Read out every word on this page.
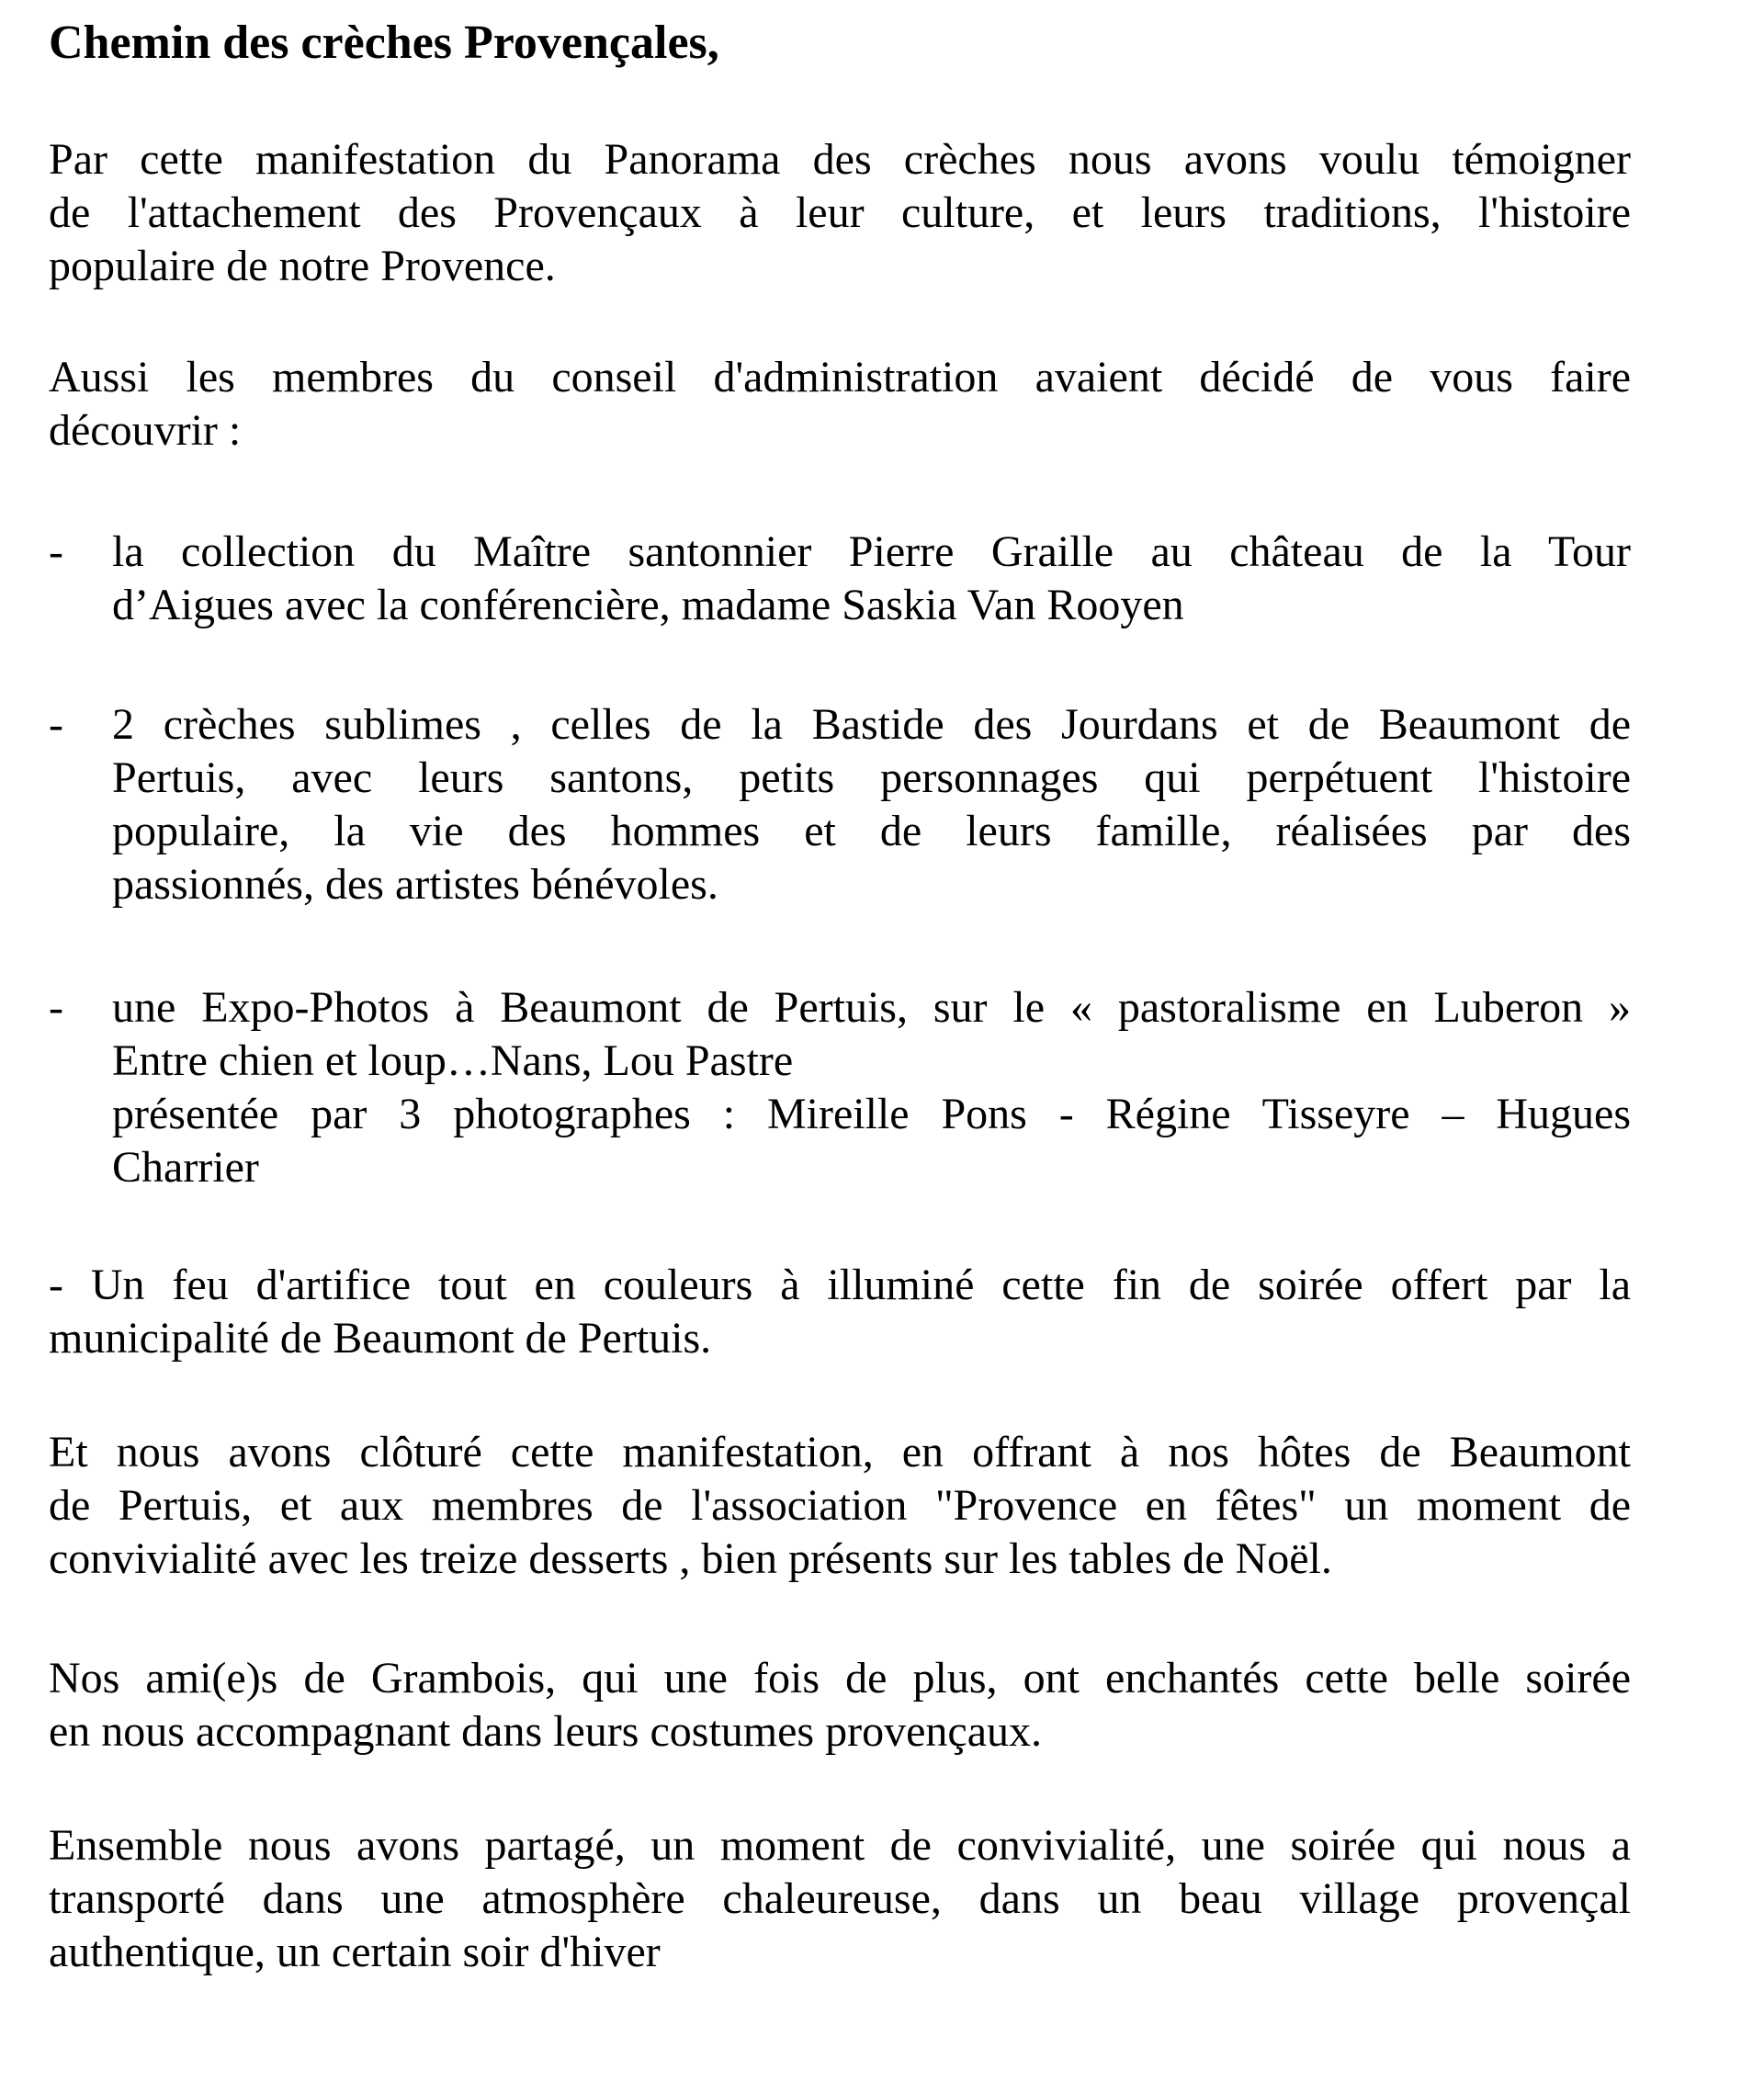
Chemin des crèches Provençales,
Par cette manifestation du Panorama des crèches nous avons voulu témoigner
de l'attachement des Provençaux à leur culture, et leurs traditions, l'histoire
populaire de notre Provence.
Aussi les membres du conseil d'administration avaient décidé de vous faire
découvrir :
-	la collection du Maître santonnier Pierre Graille au château de la Tour
d’Aigues avec la conférencière, madame Saskia Van Rooyen
-	2 crèches sublimes , celles de la Bastide des Jourdans et de Beaumont de
Pertuis, avec leurs santons, petits personnages qui perpétuent l'histoire
populaire, la vie des hommes et de leurs famille, réalisées par des
passionnés, des artistes bénévoles.
-	une Expo-Photos à Beaumont de Pertuis, sur le « pastoralisme en Luberon »
Entre chien et loup…Nans, Lou Pastre
présentée par 3 photographes : Mireille Pons - Régine Tisseyre – Hugues
Charrier
- Un feu d'artifice tout en couleurs à illuminé cette fin de soirée offert par la
municipalité de Beaumont de Pertuis.
Et nous avons clôturé cette manifestation, en offrant à nos hôtes de Beaumont
de Pertuis, et aux membres de l'association "Provence en fêtes" un moment de
convivialité avec les treize desserts , bien présents sur les tables de Noël.
Nos ami(e)s de Grambois, qui une fois de plus, ont enchantés cette belle soirée
en nous accompagnant dans leurs costumes provençaux.
Ensemble nous avons partagé, un moment de convivialité, une soirée qui nous a
transporté dans une atmosphère chaleureuse, dans un beau village provençal
authentique, un certain soir d'hiver
